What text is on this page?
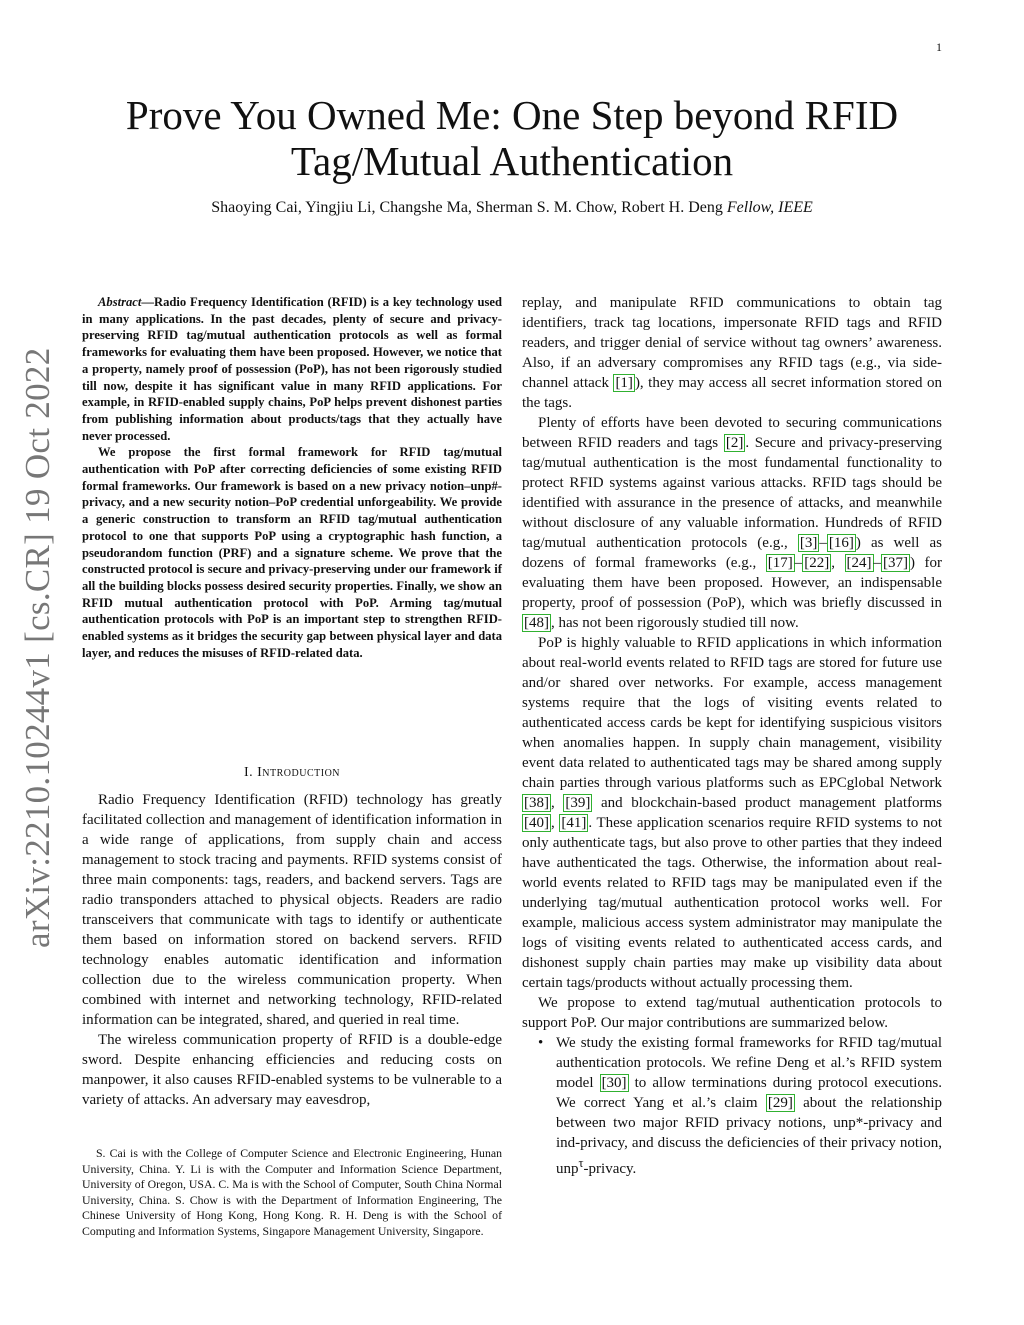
1
arXiv:2210.10244v1 [cs.CR] 19 Oct 2022
Prove You Owned Me: One Step beyond RFID
Tag/Mutual Authentication
Shaoying Cai, Yingjiu Li, Changshe Ma, Sherman S. M. Chow, Robert H. Deng Fellow, IEEE

Abstract—Radio Frequency Identification (RFID) is a key technology used in many applications. In the past decades, plenty of secure and privacy-preserving RFID tag/mutual authentication protocols as well as formal frameworks for evaluating them have been proposed. However, we notice that a property, namely proof of possession (PoP), has not been rigorously studied till now, despite it has significant value in many RFID applications. For example, in RFID-enabled supply chains, PoP helps prevent dishonest parties from publishing information about products/tags that they actually have never processed.

We propose the first formal framework for RFID tag/mutual authentication with PoP after correcting deficiencies of some existing RFID formal frameworks. Our framework is based on a new privacy notion–unp#-privacy, and a new security notion–PoP credential unforgeability. We provide a generic construction to transform an RFID tag/mutual authentication protocol to one that supports PoP using a cryptographic hash function, a pseudorandom function (PRF) and a signature scheme. We prove that the constructed protocol is secure and privacy-preserving under our framework if all the building blocks possess desired security properties. Finally, we show an RFID mutual authentication protocol with PoP. Arming tag/mutual authentication protocols with PoP is an important step to strengthen RFID-enabled systems as it bridges the security gap between physical layer and data layer, and reduces the misuses of RFID-related data.

I. Introduction

Radio Frequency Identification (RFID) technology has greatly facilitated collection and management of identification information in a wide range of applications, from supply chain and access management to stock tracing and payments. RFID systems consist of three main components: tags, readers, and backend servers. Tags are radio transponders attached to physical objects. Readers are radio transceivers that communicate with tags to identify or authenticate them based on information stored on backend servers. RFID technology enables automatic identification and information collection due to the wireless communication property. When combined with internet and networking technology, RFID-related information can be integrated, shared, and queried in real time.

The wireless communication property of RFID is a double-edge sword. Despite enhancing efficiencies and reducing costs on manpower, it also causes RFID-enabled systems to be vulnerable to a variety of attacks. An adversary may eavesdrop,

S. Cai is with the College of Computer Science and Electronic Engineering, Hunan University, China. Y. Li is with the Computer and Information Science Department, University of Oregon, USA. C. Ma is with the School of Computer, South China Normal University, China. S. Chow is with the Department of Information Engineering, The Chinese University of Hong Kong, Hong Kong. R. H. Deng is with the School of Computing and Information Systems, Singapore Management University, Singapore.

replay, and manipulate RFID communications to obtain tag identifiers, track tag locations, impersonate RFID tags and RFID readers, and trigger denial of service without tag owners’ awareness. Also, if an adversary compromises any RFID tags (e.g., via side-channel attack [1] ), they may access all secret information stored on the tags.

Plenty of efforts have been devoted to securing communications between RFID readers and tags [2] . Secure and privacy-preserving tag/mutual authentication is the most fundamental functionality to protect RFID systems against various attacks. RFID tags should be identified with assurance in the presence of attacks, and meanwhile without disclosure of any valuable information. Hundreds of RFID tag/mutual authentication protocols (e.g., [3] – [16] ) as well as dozens of formal frameworks (e.g., [17] – [22] , [24] – [37] ) for evaluating them have been proposed. However, an indispensable property, proof of possession (PoP), which was briefly discussed in [48] , has not been rigorously studied till now.

PoP is highly valuable to RFID applications in which information about real-world events related to RFID tags are stored for future use and/or shared over networks. For example, access management systems require that the logs of visiting events related to authenticated access cards be kept for identifying suspicious visitors when anomalies happen. In supply chain management, visibility event data related to authenticated tags may be shared among supply chain parties through various platforms such as EPCglobal Network [38] , [39] and blockchain-based product management platforms [40] , [41] . These application scenarios require RFID systems to not only authenticate tags, but also prove to other parties that they indeed have authenticated the tags. Otherwise, the information about real-world events related to RFID tags may be manipulated even if the underlying tag/mutual authentication protocol works well. For example, malicious access system administrator may manipulate the logs of visiting events related to authenticated access cards, and dishonest supply chain parties may make up visibility data about certain tags/products without actually processing them.

We propose to extend tag/mutual authentication protocols to support PoP. Our major contributions are summarized below.

• We study the existing formal frameworks for RFID tag/mutual authentication protocols. We refine Deng et al.’s RFID system model [30] to allow terminations during protocol executions. We correct Yang et al.’s claim [29] about the relationship between two major RFID privacy notions, unp*-privacy and ind-privacy, and discuss the deficiencies of their privacy notion, unp$^\tau$-privacy.
